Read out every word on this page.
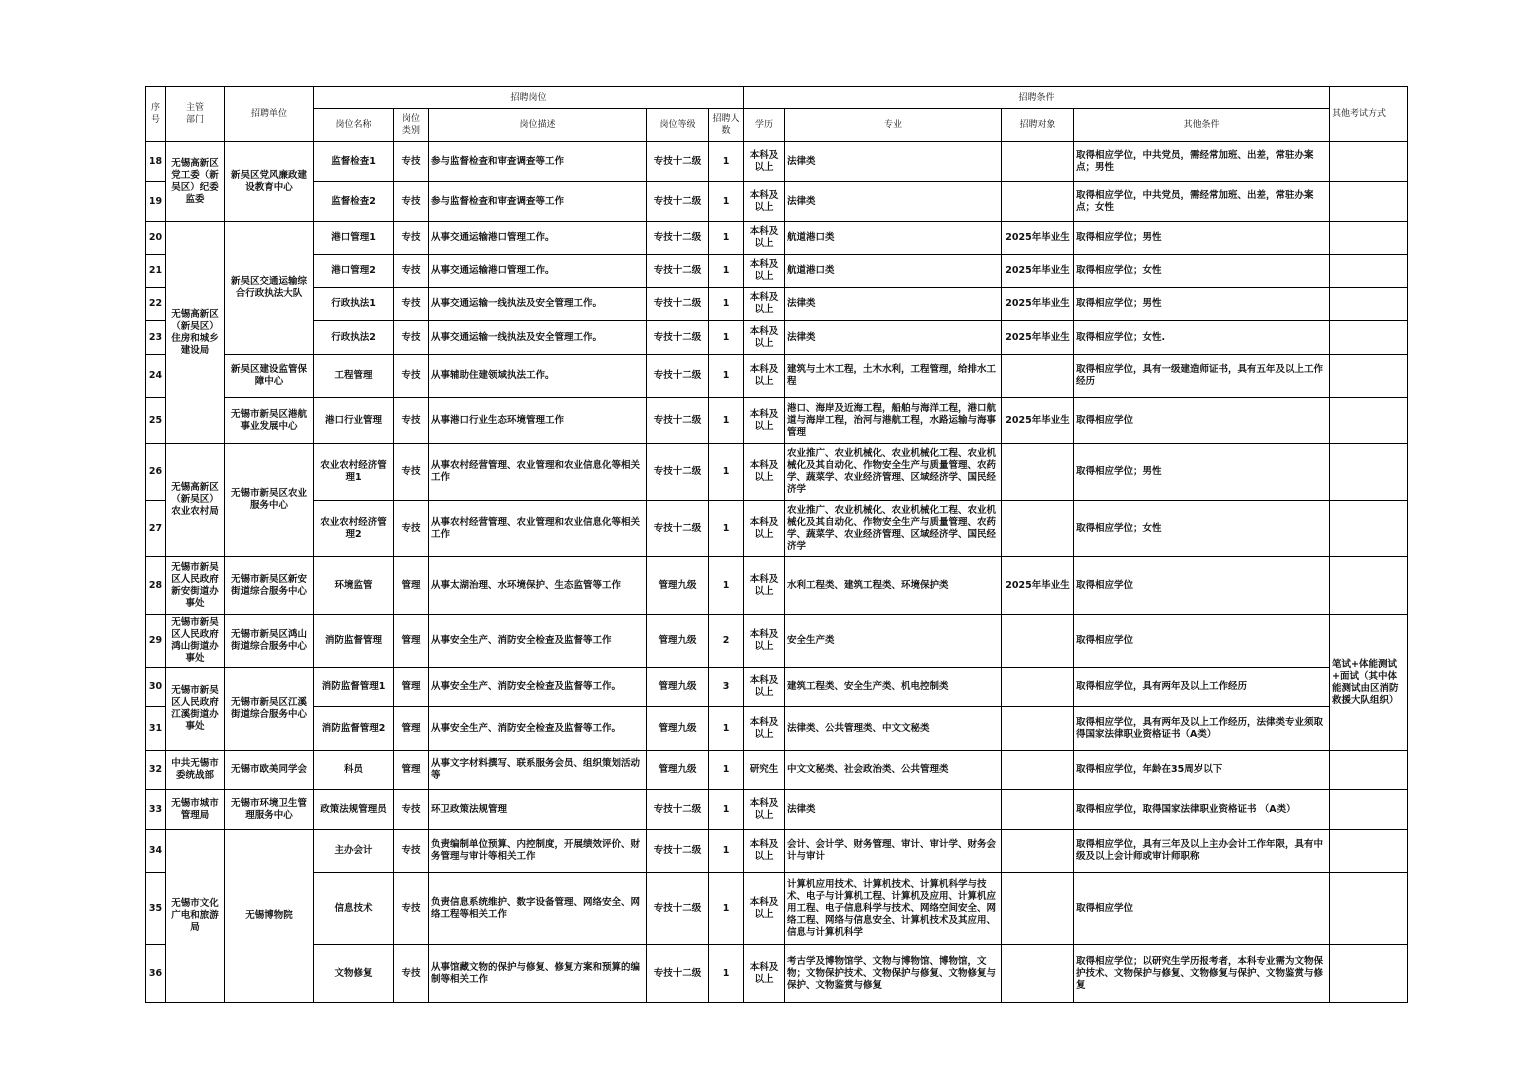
序号	主管部门	招聘单位	招聘岗位					招聘条件				其他考试方式
			岗位名称	岗位类别	岗位描述	岗位等级	招聘人数	学历	专业	招聘对象	其他条件	
18	无锡高新区党工委（新吴区）纪委监委	新吴区党风廉政建设教育中心	监督检查1	专技	参与监督检查和审查调查等工作	专技十二级	1	本科及以上	法律类		取得相应学位，中共党员，需经常加班、出差，常驻办案点；男性	
19			监督检查2	专技	参与监督检查和审查调查等工作	专技十二级	1	本科及以上	法律类		取得相应学位，中共党员，需经常加班、出差，常驻办案点；女性	
20	无锡高新区（新吴区）住房和城乡建设局	新吴区交通运输综合行政执法大队	港口管理1	专技	从事交通运输港口管理工作。	专技十二级	1	本科及以上	航道港口类	2025年毕业生	取得相应学位；男性	
21			港口管理2	专技	从事交通运输港口管理工作。	专技十二级	1	本科及以上	航道港口类	2025年毕业生	取得相应学位；女性	
22			行政执法1	专技	从事交通运输一线执法及安全管理工作。	专技十二级	1	本科及以上	法律类	2025年毕业生	取得相应学位；男性	
23			行政执法2	专技	从事交通运输一线执法及安全管理工作。	专技十二级	1	本科及以上	法律类	2025年毕业生	取得相应学位；女性.	
24		新吴区建设监管保障中心	工程管理	专技	从事辅助住建领域执法工作。	专技十二级	1	本科及以上	建筑与土木工程，土木水利，工程管理，给排水工程		取得相应学位，具有一级建造师证书，具有五年及以上工作经历	
25		无锡市新吴区港航事业发展中心	港口行业管理	专技	从事港口行业生态环境管理工作	专技十二级	1	本科及以上	港口、海岸及近海工程，船舶与海洋工程，港口航道与海岸工程，治河与港航工程，水路运输与海事管理	2025年毕业生	取得相应学位	
26	无锡高新区（新吴区）农业农村局	无锡市新吴区农业服务中心	农业农村经济管理1	专技	从事农村经营管理、农业管理和农业信息化等相关工作	专技十二级	1	本科及以上	农业推广、农业机械化、农业机械化工程、农业机械化及其自动化、作物安全生产与质量管理、农药学、蔬菜学、农业经济管理、区域经济学、国民经济学		取得相应学位；男性	
27			农业农村经济管理2	专技	从事农村经营管理、农业管理和农业信息化等相关工作	专技十二级	1	本科及以上	农业推广、农业机械化、农业机械化工程、农业机械化及其自动化、作物安全生产与质量管理、农药学、蔬菜学、农业经济管理、区域经济学、国民经济学		取得相应学位；女性	
28	无锡市新吴区人民政府新安街道办事处	无锡市新吴区新安街道综合服务中心	环境监管	管理	从事太湖治理、水环境保护、生态监管等工作	管理九级	1	本科及以上	水利工程类、建筑工程类、环境保护类	2025年毕业生	取得相应学位	
29	无锡市新吴区人民政府鸿山街道办事处	无锡市新吴区鸿山街道综合服务中心	消防监督管理	管理	从事安全生产、消防安全检查及监督等工作	管理九级	2	本科及以上	安全生产类		取得相应学位	笔试+体能测试+面试（其中体能测试由区消防救援大队组织）
30	无锡市新吴区人民政府江溪街道办事处	无锡市新吴区江溪街道综合服务中心	消防监督管理1	管理	从事安全生产、消防安全检查及监督等工作。	管理九级	3	本科及以上	建筑工程类、安全生产类、机电控制类		取得相应学位，具有两年及以上工作经历	
31			消防监督管理2	管理	从事安全生产、消防安全检查及监督等工作。	管理九级	1	本科及以上	法律类、公共管理类、中文文秘类		取得相应学位，具有两年及以上工作经历，法律类专业须取得国家法律职业资格证书（A类）	
32	中共无锡市委统战部	无锡市欧美同学会	科员	管理	从事文字材料撰写、联系服务会员、组织策划活动等	管理九级	1	研究生	中文文秘类、社会政治类、公共管理类		取得相应学位，年龄在35周岁以下	
33	无锡市城市管理局	无锡市环境卫生管理服务中心	政策法规管理员	专技	环卫政策法规管理	专技十二级	1	本科及以上	法律类		取得相应学位，取得国家法律职业资格证书 （A类）	
34	无锡市文化广电和旅游局	无锡博物院	主办会计	专技	负责编制单位预算、内控制度，开展绩效评价、财务管理与审计等相关工作	专技十二级	1	本科及以上	会计、会计学、财务管理、审计、审计学、财务会计与审计		取得相应学位，具有三年及以上主办会计工作年限，具有中级及以上会计师或审计师职称	
35			信息技术	专技	负责信息系统维护、数字设备管理、网络安全、网络工程等相关工作	专技十二级	1	本科及以上	计算机应用技术、计算机技术、计算机科学与技术、电子与计算机工程、计算机及应用、计算机应用工程、电子信息科学与技术、网络空间安全、网络工程、网络与信息安全、计算机技术及其应用、信息与计算机科学		取得相应学位	
36			文物修复	专技	从事馆藏文物的保护与修复、修复方案和预算的编制等相关工作	专技十二级	1	本科及以上	考古学及博物馆学、文物与博物馆、博物馆，文物；文物保护技术、文物保护与修复、文物修复与保护、文物鉴赏与修复		取得相应学位；以研究生学历报考者，本科专业需为文物保护技术、文物保护与修复、文物修复与保护、文物鉴赏与修复	
